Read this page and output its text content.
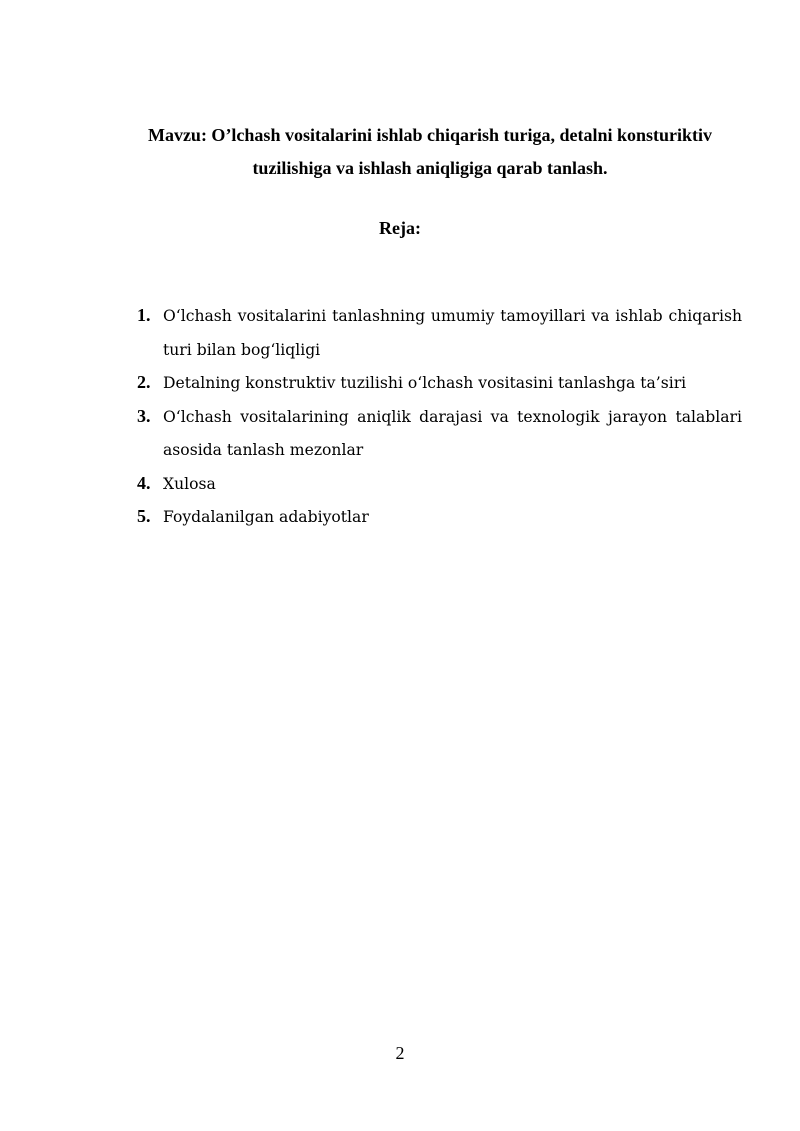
Mavzu: O’lchash vositalarini ishlab chiqarish turiga, detalni konsturiktiv
tuzilishiga va ishlash aniqligiga qarab tanlash.
Reja:
1. O‘lchash vositalarini tanlashning umumiy tamoyillari va ishlab chiqarish turi bilan bog‘liqligi
2. Detalning konstruktiv tuzilishi o‘lchash vositasini tanlashga ta’siri
3. O‘lchash vositalarining aniqlik darajasi va texnologik jarayon talablari asosida tanlash mezonlar
4. Xulosa
5. Foydalanilgan adabiyotlar
2
